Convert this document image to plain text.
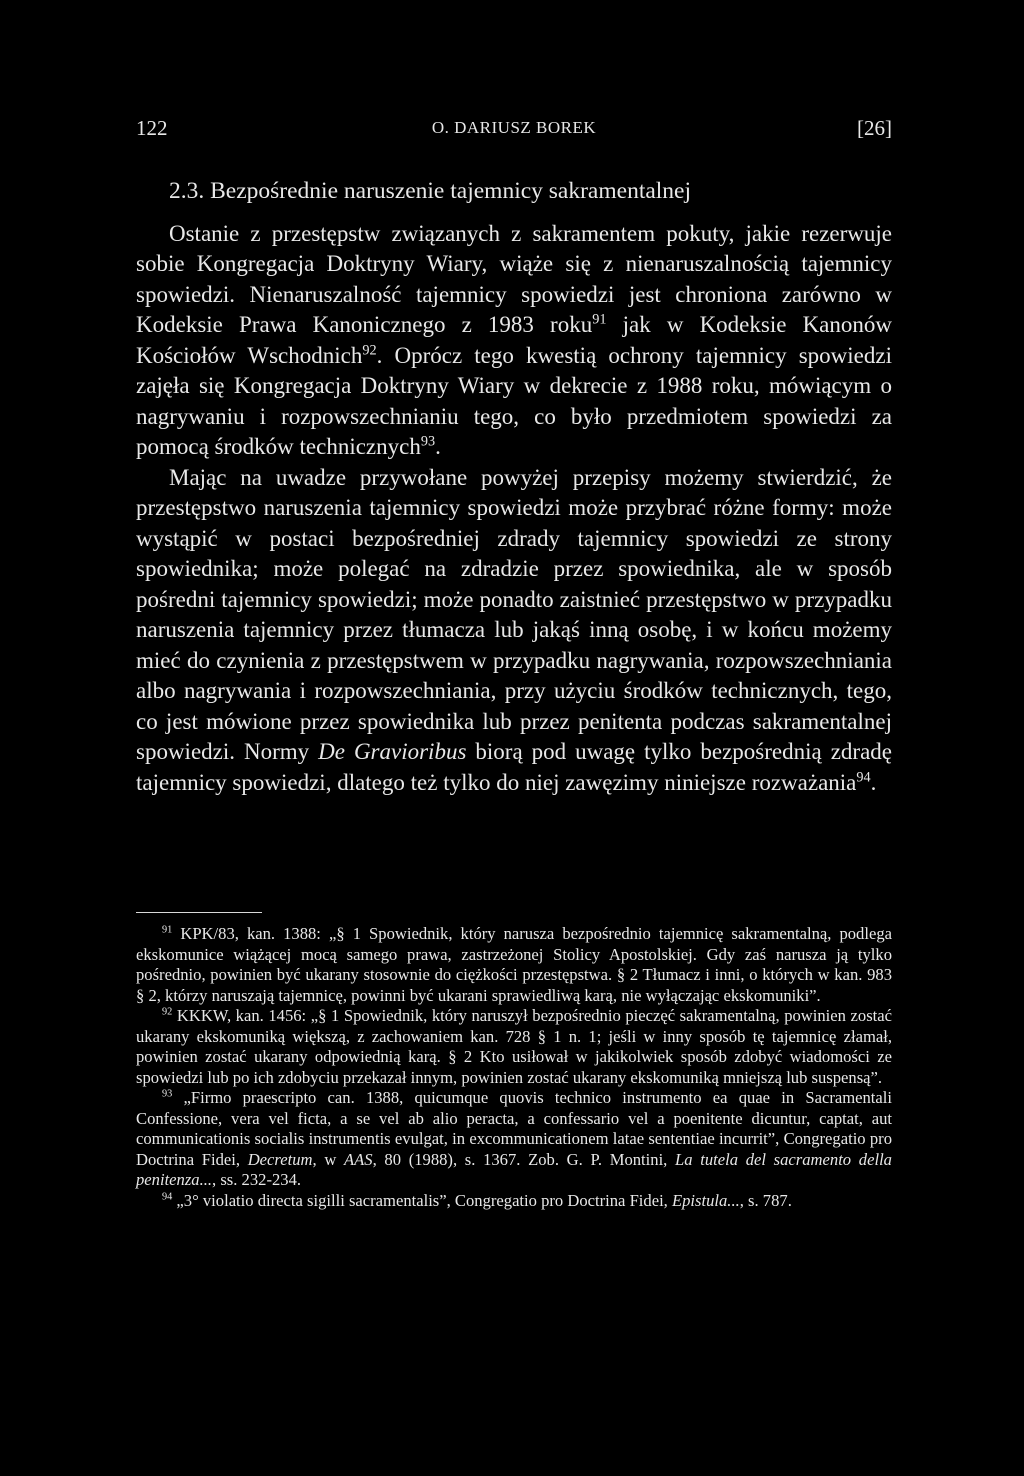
122	O. DARIUSZ BOREK	[26]
2.3. Bezpośrednie naruszenie tajemnicy sakramentalnej

Ostanie z przestępstw związanych z sakramentem pokuty, jakie rezerwuje sobie Kongregacja Doktryny Wiary, wiąże się z nienaruszalnością tajemnicy spowiedzi. Nienaruszalność tajemnicy spowiedzi jest chroniona zarówno w Kodeksie Prawa Kanonicznego z 1983 roku$^{91}$ jak w Kodeksie Kanonów Kościołów Wschodnich$^{92}$. Oprócz tego kwestią ochrony tajemnicy spowiedzi zajęła się Kongregacja Doktryny Wiary w dekrecie z 1988 roku, mówiącym o nagrywaniu i rozpowszechnianiu tego, co było przedmiotem spowiedzi za pomocą środków technicznych$^{93}$.

Mając na uwadze przywołane powyżej przepisy możemy stwierdzić, że przestępstwo naruszenia tajemnicy spowiedzi może przybrać różne formy: może wystąpić w postaci bezpośredniej zdrady tajemnicy spowiedzi ze strony spowiednika; może polegać na zdradzie przez spowiednika, ale w sposób pośredni tajemnicy spowiedzi; może ponadto zaistnieć przestępstwo w przypadku naruszenia tajemnicy przez tłumacza lub jakąś inną osobę, i w końcu możemy mieć do czynienia z przestępstwem w przypadku nagrywania, rozpowszechniania albo nagrywania i rozpowszechniania, przy użyciu środków technicznych, tego, co jest mówione przez spowiednika lub przez penitenta podczas sakramentalnej spowiedzi. Normy De Gravioribus biorą pod uwagę tylko bezpośrednią zdradę tajemnicy spowiedzi, dlatego też tylko do niej zawęzimy niniejsze rozważania$^{94}$.

$^{91}$ KPK/83, kan. 1388: „§ 1 Spowiednik, który narusza bezpośrednio tajemnicę sakramentalną, podlega ekskomunice wiążącej mocą samego prawa, zastrzeżonej Stolicy Apostolskiej. Gdy zaś narusza ją tylko pośrednio, powinien być ukarany stosownie do ciężkości przestępstwa. § 2 Tłumacz i inni, o których w kan. 983 § 2, którzy naruszają tajemnicę, powinni być ukarani sprawiedliwą karą, nie wyłączając ekskomuniki”.

$^{92}$ KKKW, kan. 1456: „§ 1 Spowiednik, który naruszył bezpośrednio pieczęć sakramentalną, powinien zostać ukarany ekskomuniką większą, z zachowaniem kan. 728 § 1 n. 1; jeśli w inny sposób tę tajemnicę złamał, powinien zostać ukarany odpowiednią karą. § 2 Kto usiłował w jakikolwiek sposób zdobyć wiadomości ze spowiedzi lub po ich zdobyciu przekazał innym, powinien zostać ukarany ekskomuniką mniejszą lub suspensą”.

$^{93}$ „Firmo praescripto can. 1388, quicumque quovis technico instrumento ea quae in Sacramentali Confessione, vera vel ficta, a se vel ab alio peracta, a confessario vel a poenitente dicuntur, captat, aut communicationis socialis instrumentis evulgat, in excommunicationem latae sententiae incurrit”, Congregatio pro Doctrina Fidei, Decretum, w AAS, 80 (1988), s. 1367. Zob. G. P. Montini, La tutela del sacramento della penitenza..., ss. 232-234.

$^{94}$ „3° violatio directa sigilli sacramentalis”, Congregatio pro Doctrina Fidei, Epistula..., s. 787.
